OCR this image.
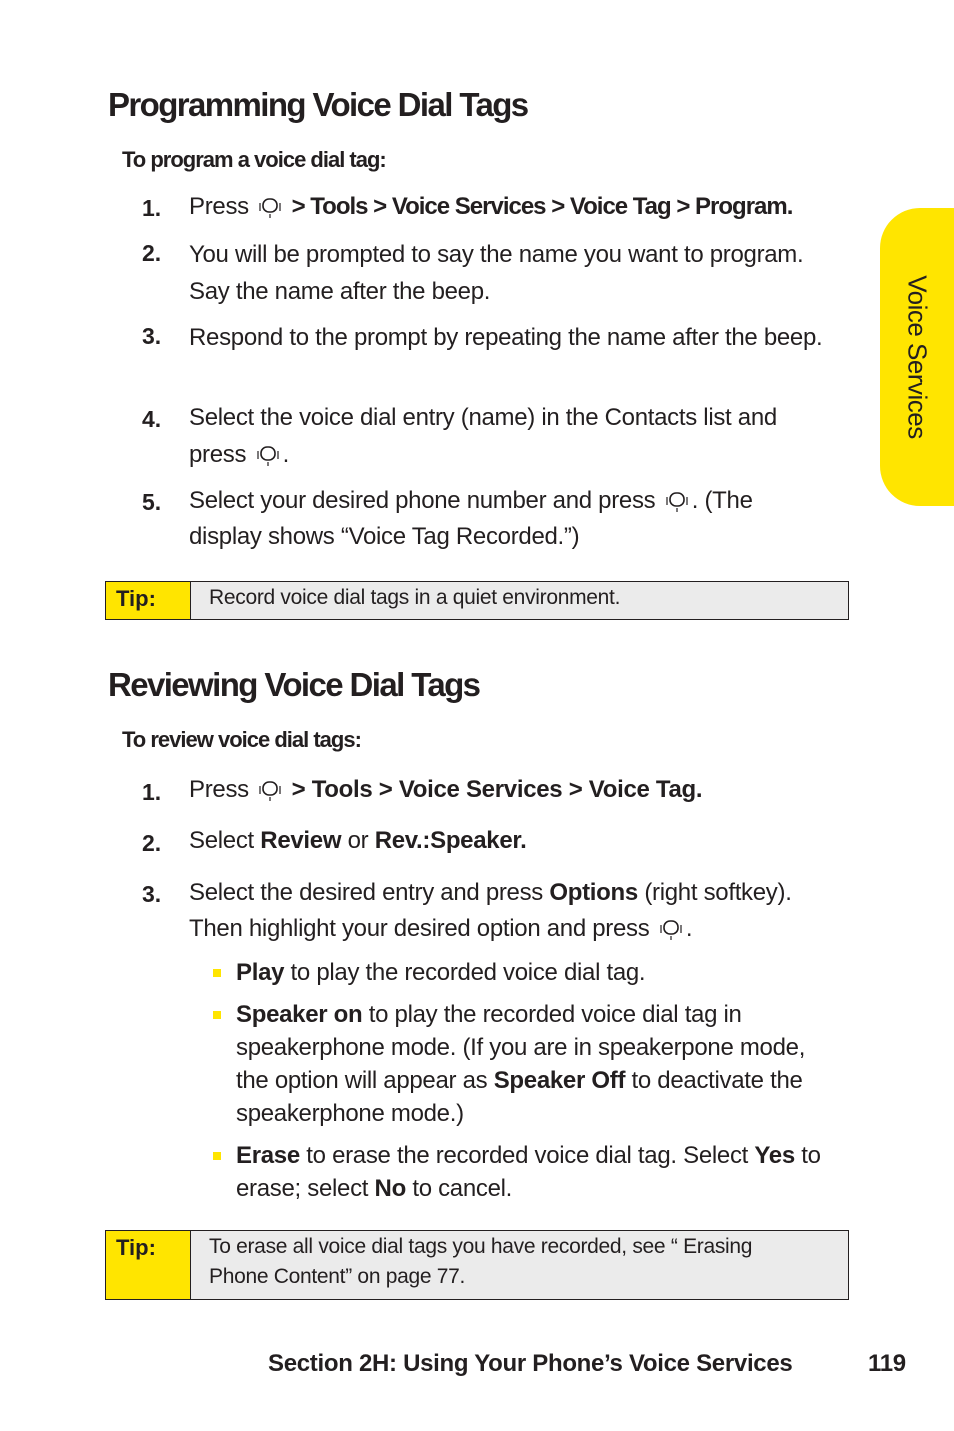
Voice Services
Programming Voice Dial Tags
To program a voice dial tag:
1. Press > Tools > Voice Services > Voice Tag > Program.
2. You will be prompted to say the name you want to program. Say the name after the beep.
3. Respond to the prompt by repeating the name after the beep.
4. Select the voice dial entry (name) in the Contacts list and
press .
5. Select your desired phone number and press . (The
display shows “Voice Tag Recorded.”)
Tip:	Record voice dial tags in a quiet environment.
Reviewing Voice Dial Tags
To review voice dial tags:
1. Press > Tools > Voice Services > Voice Tag.
2. Select Review or Rev.:Speaker.
3. Select the desired entry and press Options (right softkey).
Then highlight your desired option and press .
Play to play the recorded voice dial tag.
Speaker on to play the recorded voice dial tag in speakerphone mode. (If you are in speakerpone mode, the option will appear as Speaker Off to deactivate the speakerphone mode.)
Erase to erase the recorded voice dial tag. Select Yes to erase; select No to cancel.
Tip:	To erase all voice dial tags you have recorded, see “ Erasing Phone Content” on page 77.
Section 2H: Using Your Phone’s Voice Services	119
